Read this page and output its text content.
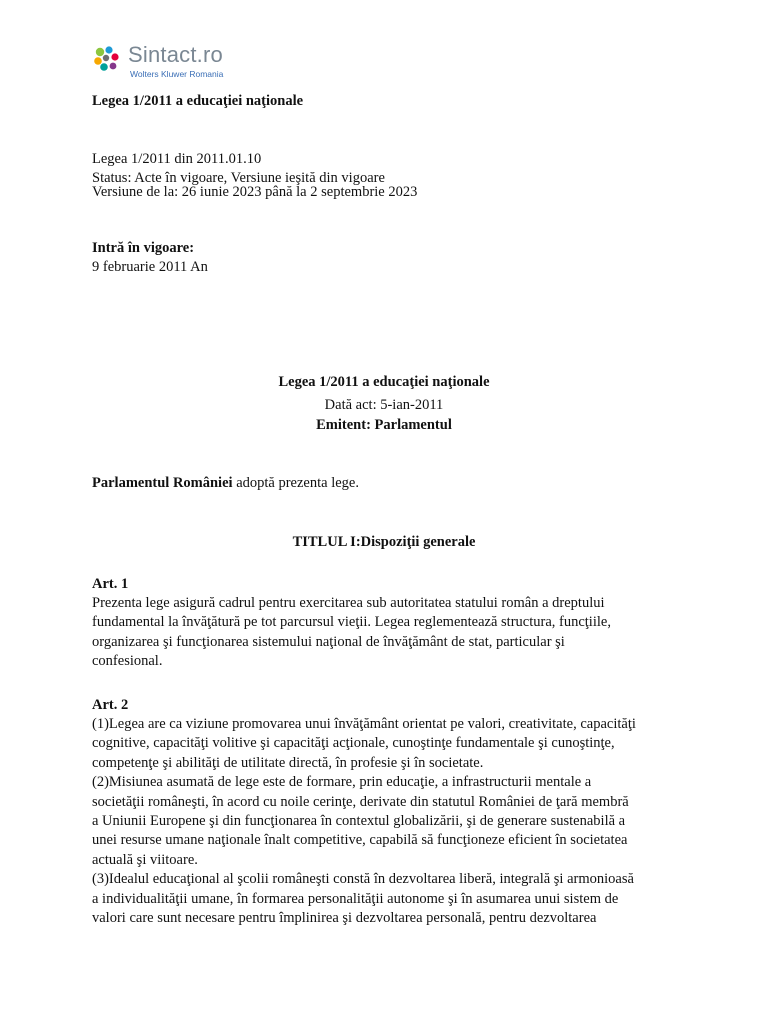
Sintact.ro
Wolters Kluwer Romania
Legea 1/2011 a educaţiei naţionale
Legea 1/2011 din 2011.01.10
Status: Acte în vigoare, Versiune ieşită din vigoare
Versiune de la: 26 iunie 2023 până la 2 septembrie 2023
Intră în vigoare:
9 februarie 2011 An
Legea 1/2011 a educaţiei naţionale
Dată act: 5-ian-2011
Emitent: Parlamentul
Parlamentul României adoptă prezenta lege.
TITLUL I:Dispoziţii generale
Art. 1
Prezenta lege asigură cadrul pentru exercitarea sub autoritatea statului român a dreptului
fundamental la învăţătură pe tot parcursul vieţii. Legea reglementează structura, funcţiile,
organizarea şi funcţionarea sistemului naţional de învăţământ de stat, particular şi
confesional.
Art. 2
(1)Legea are ca viziune promovarea unui învăţământ orientat pe valori, creativitate, capacităţi
cognitive, capacităţi volitive şi capacităţi acţionale, cunoştinţe fundamentale şi cunoştinţe,
competenţe şi abilităţi de utilitate directă, în profesie şi în societate.
(2)Misiunea asumată de lege este de formare, prin educaţie, a infrastructurii mentale a
societăţii româneşti, în acord cu noile cerinţe, derivate din statutul României de ţară membră
a Uniunii Europene şi din funcţionarea în contextul globalizării, şi de generare sustenabilă a
unei resurse umane naţionale înalt competitive, capabilă să funcţioneze eficient în societatea
actuală şi viitoare.
(3)Idealul educaţional al şcolii româneşti constă în dezvoltarea liberă, integrală şi armonioasă
a individualităţii umane, în formarea personalităţii autonome şi în asumarea unui sistem de
valori care sunt necesare pentru împlinirea şi dezvoltarea personală, pentru dezvoltarea
